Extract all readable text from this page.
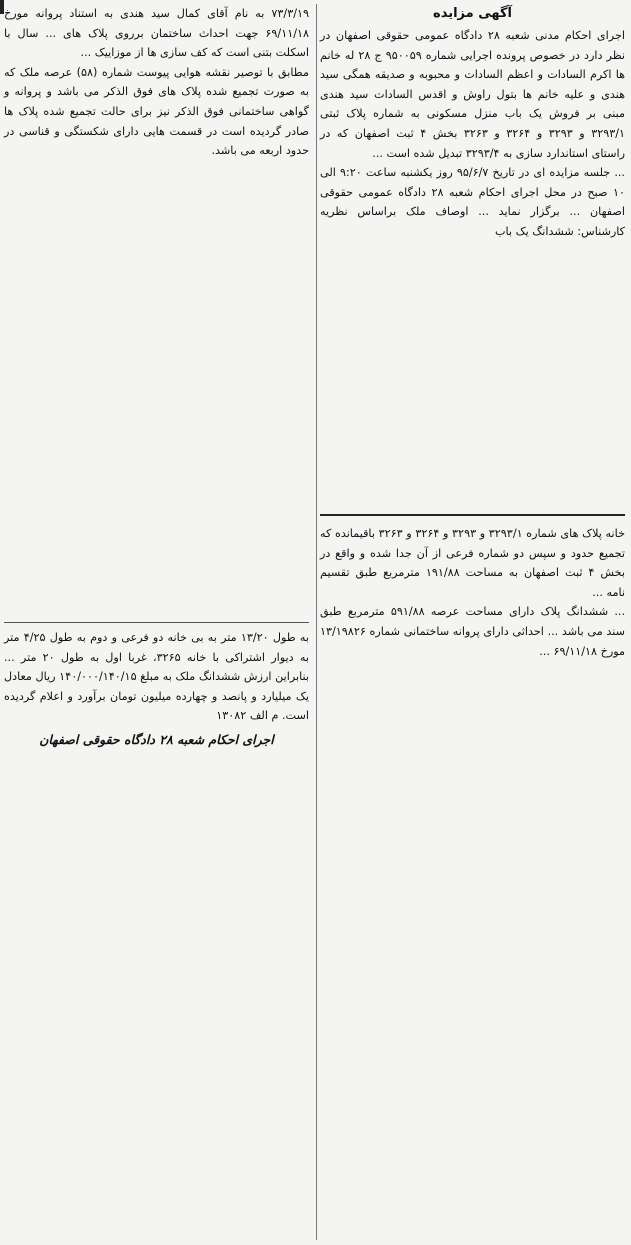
آگهی مزایده

اجرای احکام مدنی شعبه ۲۸ دادگاه عمومی حقوقی اصفهان در نظر دارد در خصوص پرونده اجرایی شماره ۹۵۰۰۵۹ ج ۲۸ له خانم ها اکرم السادات و اعظم السادات و محبوبه و صدیقه همگی سید هندی و علیه خانم ها بتول راوش و اقدس السادات سید هندی مبنی بر فروش یک باب منزل مسکونی به شماره پلاک ثبتی ۳۲۹۳/۱ و ۳۲۹۳ و ۳۲۶۴ و ۳۲۶۳ بخش ۴ ثبت اصفهان که در راستای استاندارد سازی به ۳۲۹۳/۴ تبدیل شده است ...

... جلسه مزایده ای در تاریخ ۹۵/۶/۷ روز یکشنبه ساعت ۹:۲۰ الی ۱۰ صبح در محل اجرای احکام شعبه ۲۸ دادگاه عمومی حقوقی اصفهان ... برگزار نماید ... اوصاف ملک براساس نظریه کارشناس: ششدانگ یک باب

خانه پلاک های شماره ۳۲۹۳/۱ و ۳۲۹۳ و ۳۲۶۴ و ۳۲۶۳ باقیمانده که تجمیع حدود و سپس دو شماره فرعی از آن جدا شده و واقع در بخش ۴ ثبت اصفهان به مساحت ۱۹۱/۸۸ مترمربع طبق تقسیم نامه ...

... ششدانگ پلاک دارای مساحت عرصه ۵۹۱/۸۸ مترمربع طبق سند می باشد ... احداثی دارای پروانه ساختمانی شماره ۱۳/۱۹۸۲۶ مورخ ۶۹/۱۱/۱۸ ...

۷۳/۳/۱۹ به نام آقای کمال سید هندی به استناد پروانه مورخ ۶۹/۱۱/۱۸ جهت احداث ساختمان برروی پلاک های ... سال با اسکلت بتنی است که کف سازی ها از موزاییک ...

مطابق با توصیر نقشه هوایی پیوست شماره (۵۸) عرصه ملک که به صورت تجمیع شده پلاک های فوق الذکر می باشد و پروانه و گواهی ساختمانی فوق الذکر نیز برای حالت تجمیع شده پلاک ها صادر گردیده است در قسمت هایی دارای شکستگی و قناسی در حدود اربعه می باشد.

به طول ۱۳/۲۰ متر به بی خانه دو فرعی و دوم به طول ۴/۲۵ متر به دیوار اشتراکی با خانه ۳۲۶۵، غربا اول به طول ۲۰ متر ... بنابراین ارزش ششدانگ ملک به مبلغ ۱۴۰/۰۰۰/۱۴۰/۱۵ ریال معادل یک میلیارد و پانصد و چهارده میلیون تومان برآورد و اعلام گردیده است. م الف ۱۳۰۸۲

اجرای احکام شعبه ۲۸ دادگاه حقوقی اصفهان
